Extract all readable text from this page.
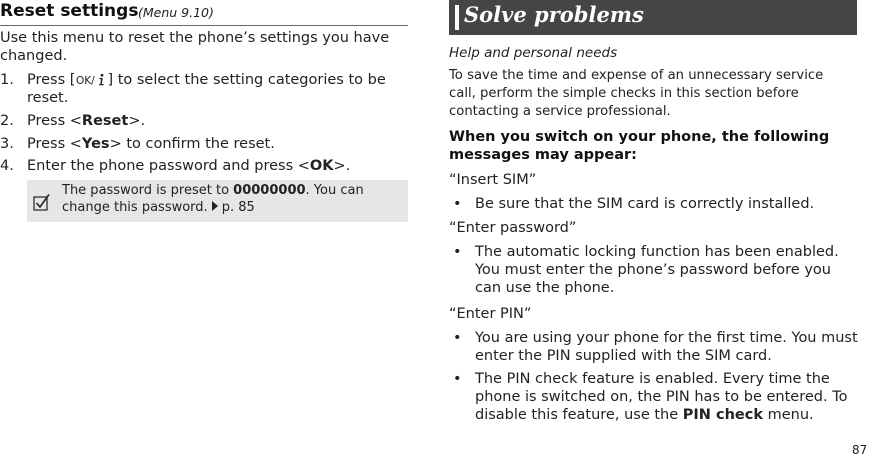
Reset settings (Menu 9.10)
Use this menu to reset the phone’s settings you have changed.
1. Press [ OK/ ] to select the setting categories to be reset.
2. Press <Reset>.
3. Press <Yes> to confirm the reset.
4. Enter the phone password and press <OK>.
The password is preset to 00000000. You can change this password. p. 85
Solve problems
Help and personal needs
To save the time and expense of an unnecessary service call, perform the simple checks in this section before contacting a service professional.
When you switch on your phone, the following messages may appear:
“Insert SIM”
• Be sure that the SIM card is correctly installed.
“Enter password”
• The automatic locking function has been enabled. You must enter the phone’s password before you can use the phone.
“Enter PIN”
• You are using your phone for the first time. You must enter the PIN supplied with the SIM card.
• The PIN check feature is enabled. Every time the phone is switched on, the PIN has to be entered. To disable this feature, use the PIN check menu.
87
